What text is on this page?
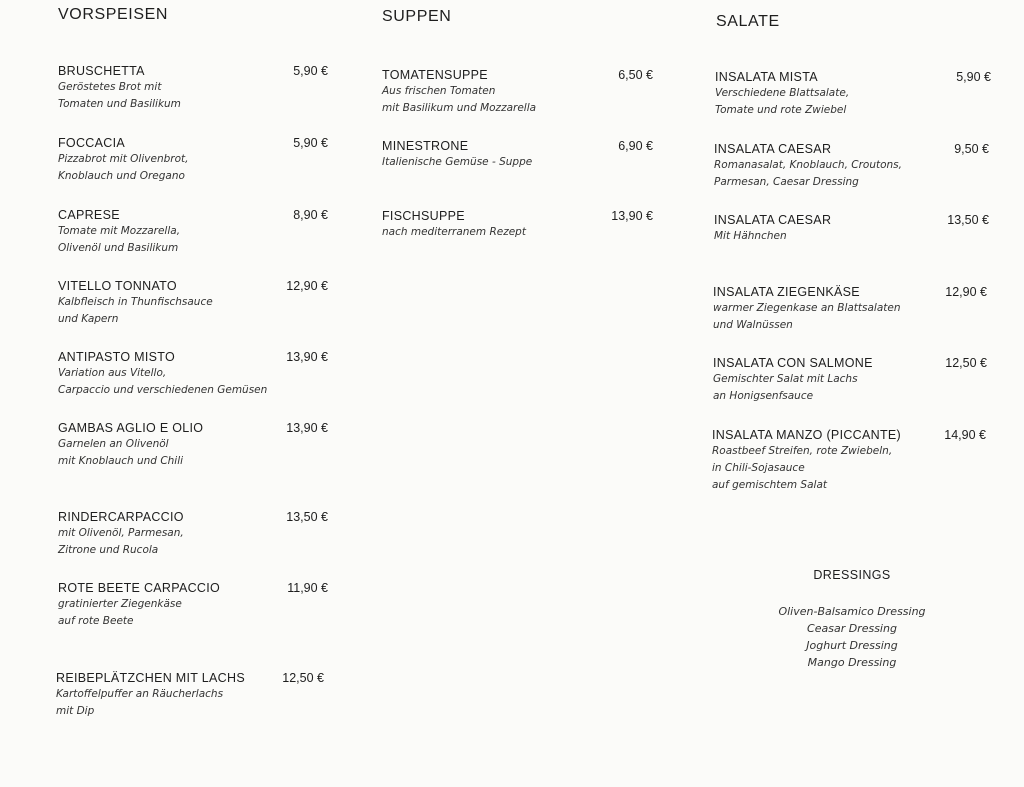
VORSPEISEN
BRUSCHETTA
Geröstetes Brot mit
Tomaten und Basilikum
5,90 €
FOCCACIA
Pizzabrot mit Olivenbrot,
Knoblauch und Oregano
5,90 €
CAPRESE
Tomate mit Mozzarella,
Olivenöl und Basilikum
8,90 €
VITELLO TONNATO
Kalbfleisch in Thunfischsauce
und Kapern
12,90 €
ANTIPASTO MISTO
Variation aus Vitello,
Carpaccio und verschiedenen Gemüsen
13,90 €
GAMBAS AGLIO E OLIO
Garnelen an Olivenöl
mit Knoblauch und Chili
13,90 €
RINDERCARPACCIO
mit Olivenöl, Parmesan,
Zitrone und Rucola
13,50 €
ROTE BEETE CARPACCIO
gratinierter Ziegenkäse
auf rote Beete
11,90 €
REIBEPLÄTZCHEN MIT LACHS
Kartoffelpuffer an Räucherlachs
mit Dip
12,50 €
SUPPEN
TOMATENSUPPE
Aus frischen Tomaten
mit Basilikum und Mozzarella
6,50 €
MINESTRONE
Italienische Gemüse - Suppe
6,90 €
FISCHSUPPE
nach mediterranem Rezept
13,90 €
SALATE
INSALATA MISTA
Verschiedene Blattsalate,
Tomate und rote Zwiebel
5,90 €
INSALATA CAESAR
Romanasalat, Knoblauch, Croutons,
Parmesan, Caesar Dressing
9,50 €
INSALATA CAESAR
Mit Hähnchen
13,50 €
INSALATA ZIEGENKÄSE
warmer Ziegenkase an Blattsalaten
und Walnüssen
12,90 €
INSALATA CON SALMONE
Gemischter Salat mit Lachs
an Honigsenfsauce
12,50 €
INSALATA MANZO (PICCANTE)
Roastbeef Streifen, rote Zwiebeln,
in Chili-Sojasauce
auf gemischtem Salat
14,90 €
DRESSINGS
Oliven-Balsamico Dressing
Ceasar Dressing
Joghurt Dressing
Mango Dressing
